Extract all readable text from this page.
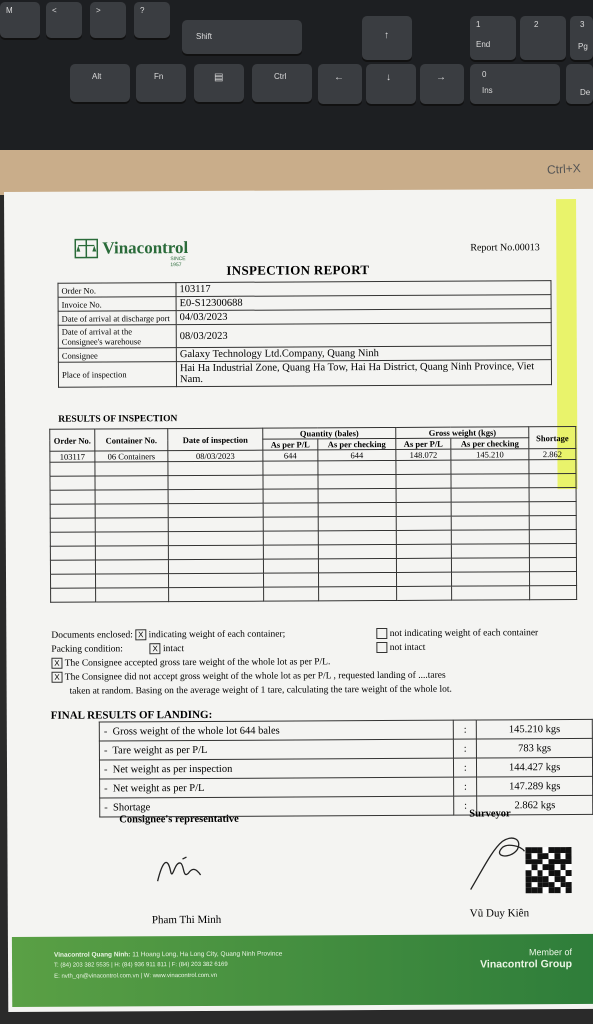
M	<	>	?
Shift	↑
1
End
2	3
Pg
Alt	Fn	▤	Ctrl	←	↓	→	0
Ins	De
Ctrl+X
Vinacontrol
SINCE 1957
Report No.00013
INSPECTION REPORT
Order No.	103117
Invoice No.	E0-S12300688
Date of arrival at discharge port	04/03/2023
Date of arrival at the Consignee's warehouse	08/03/2023
Consignee	Galaxy Technology Ltd.Company, Quang Ninh
Place of inspection	Hai Ha Industrial Zone, Quang Ha Tow, Hai Ha District, Quang Ninh Province, Viet Nam.
RESULTS OF INSPECTION
Order No.	Container No.	Date of inspection	Quantity (bales)		Gross weight (kgs)		Shortage
			As per P/L	As per checking	As per P/L	As per checking	
103117	06 Containers	08/03/2023	644	644	148.072	145.210	2.862

Documents enclosed: X indicating weight of each container;	not indicating weight of each container
Packing condition:	X intact	not intact
X The Consignee accepted gross tare weight of the whole lot as per P/L.
X The Consignee did not accept gross weight of the whole lot as per P/L , requested landing of ....tares
taken at random. Basing on the average weight of 1 tare, calculating the tare weight of the whole lot.
FINAL RESULTS OF LANDING:
-  Gross weight of the whole lot 644 bales	:	145.210 kgs
-  Tare weight as per P/L	:	783 kgs
-  Net weight as per inspection	:	144.427 kgs
-  Net weight as per P/L	:	147.289 kgs
-  Shortage	:	2.862 kgs
Consignee's representative	Surveyor
Pham Thi Minh
Vũ Duy Kiên
Vinacontrol Quang Ninh: 11 Hoang Long, Ha Long City, Quang Ninh Province
T: (84) 203 382 5535 | H: (84) 936 911 811 | F: (84) 203 382 6169
E: nvth_qn@vinacontrol.com.vn | W: www.vinacontrol.com.vn
Member of
Vinacontrol Group
